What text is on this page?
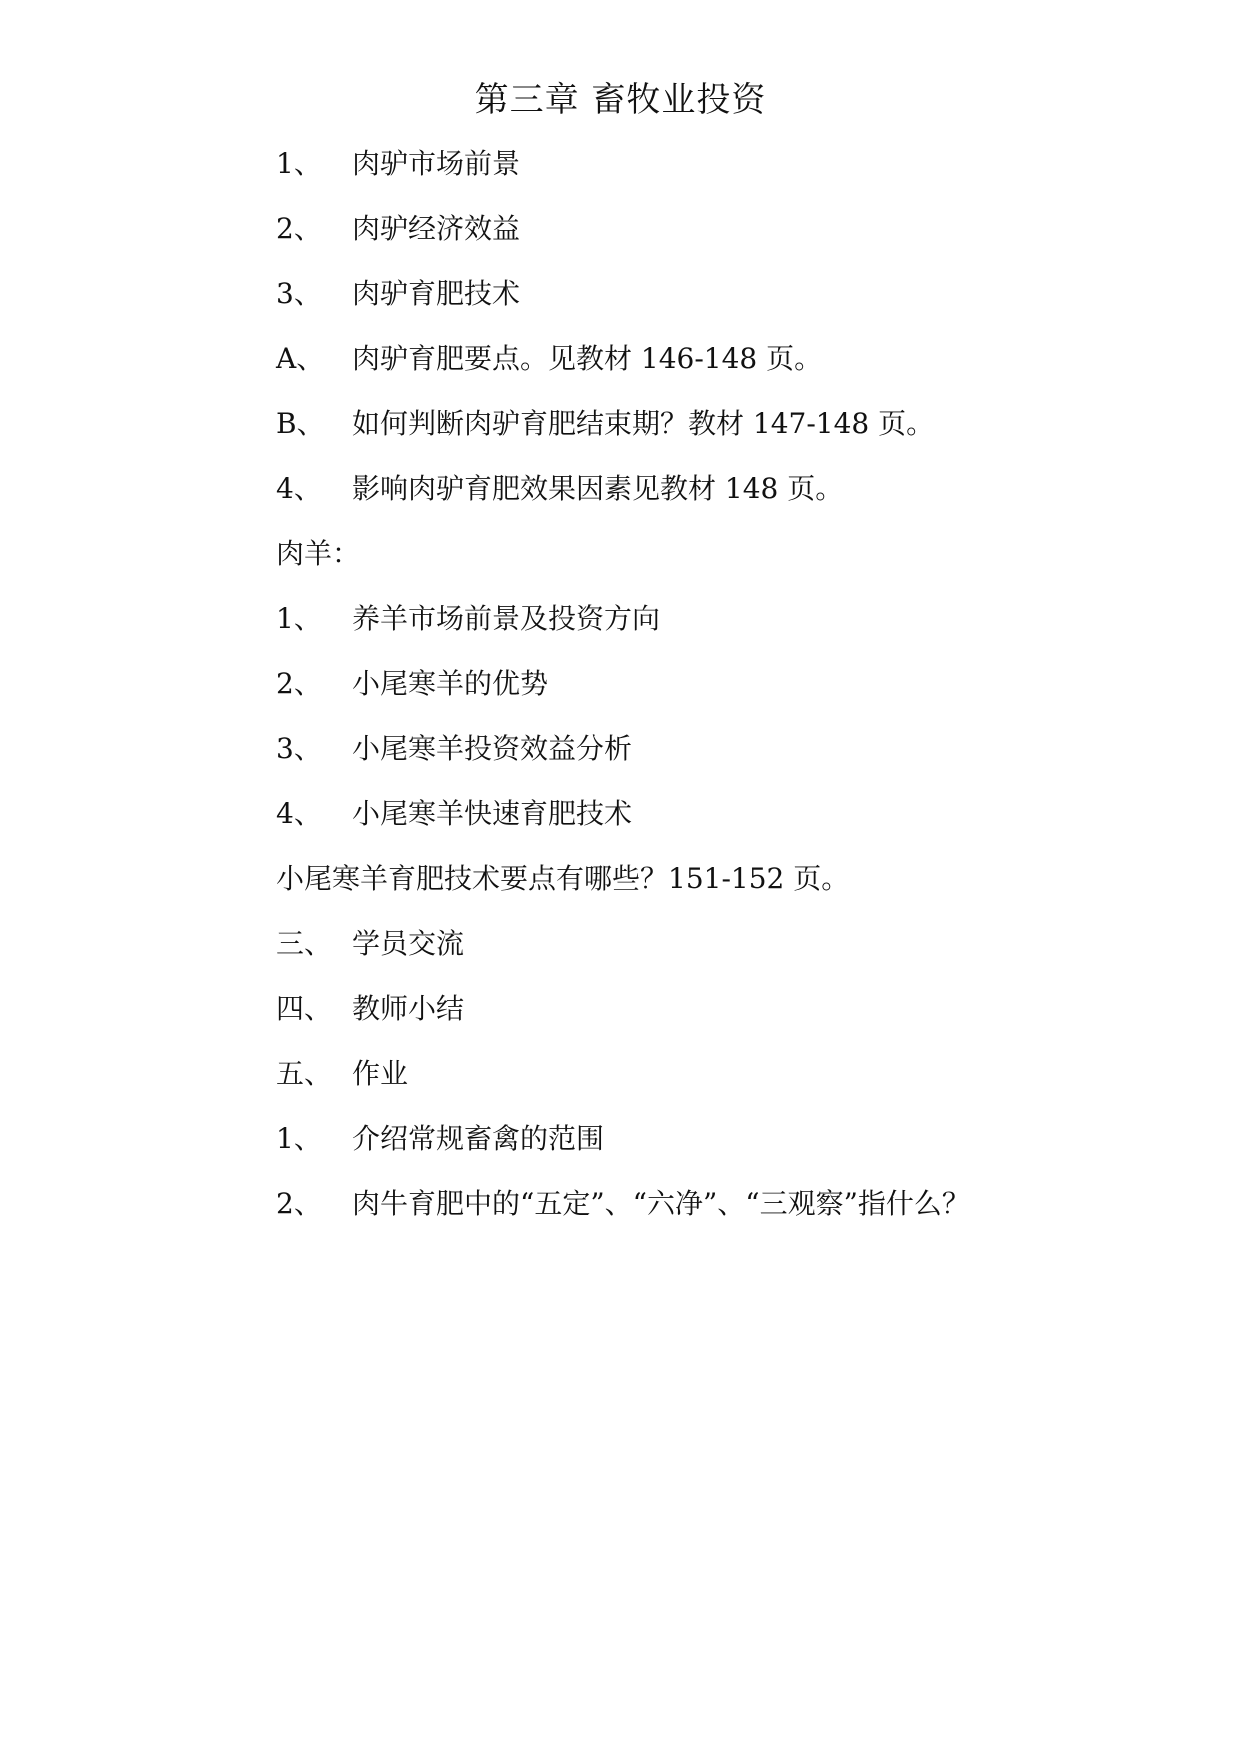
第三章 畜牧业投资
1、 肉驴市场前景
2、 肉驴经济效益
3、 肉驴育肥技术
A、 肉驴育肥要点。见教材 146-148 页。
B、 如何判断肉驴育肥结束期？教材 147-148 页。
4、 影响肉驴育肥效果因素见教材 148 页。
肉羊：
1、 养羊市场前景及投资方向
2、 小尾寒羊的优势
3、 小尾寒羊投资效益分析
4、 小尾寒羊快速育肥技术
小尾寒羊育肥技术要点有哪些？151-152 页。
三、 学员交流
四、 教师小结
五、 作业
1、 介绍常规畜禽的范围
2、 肉牛育肥中的“五定”、“六净”、“三观察”指什么？
